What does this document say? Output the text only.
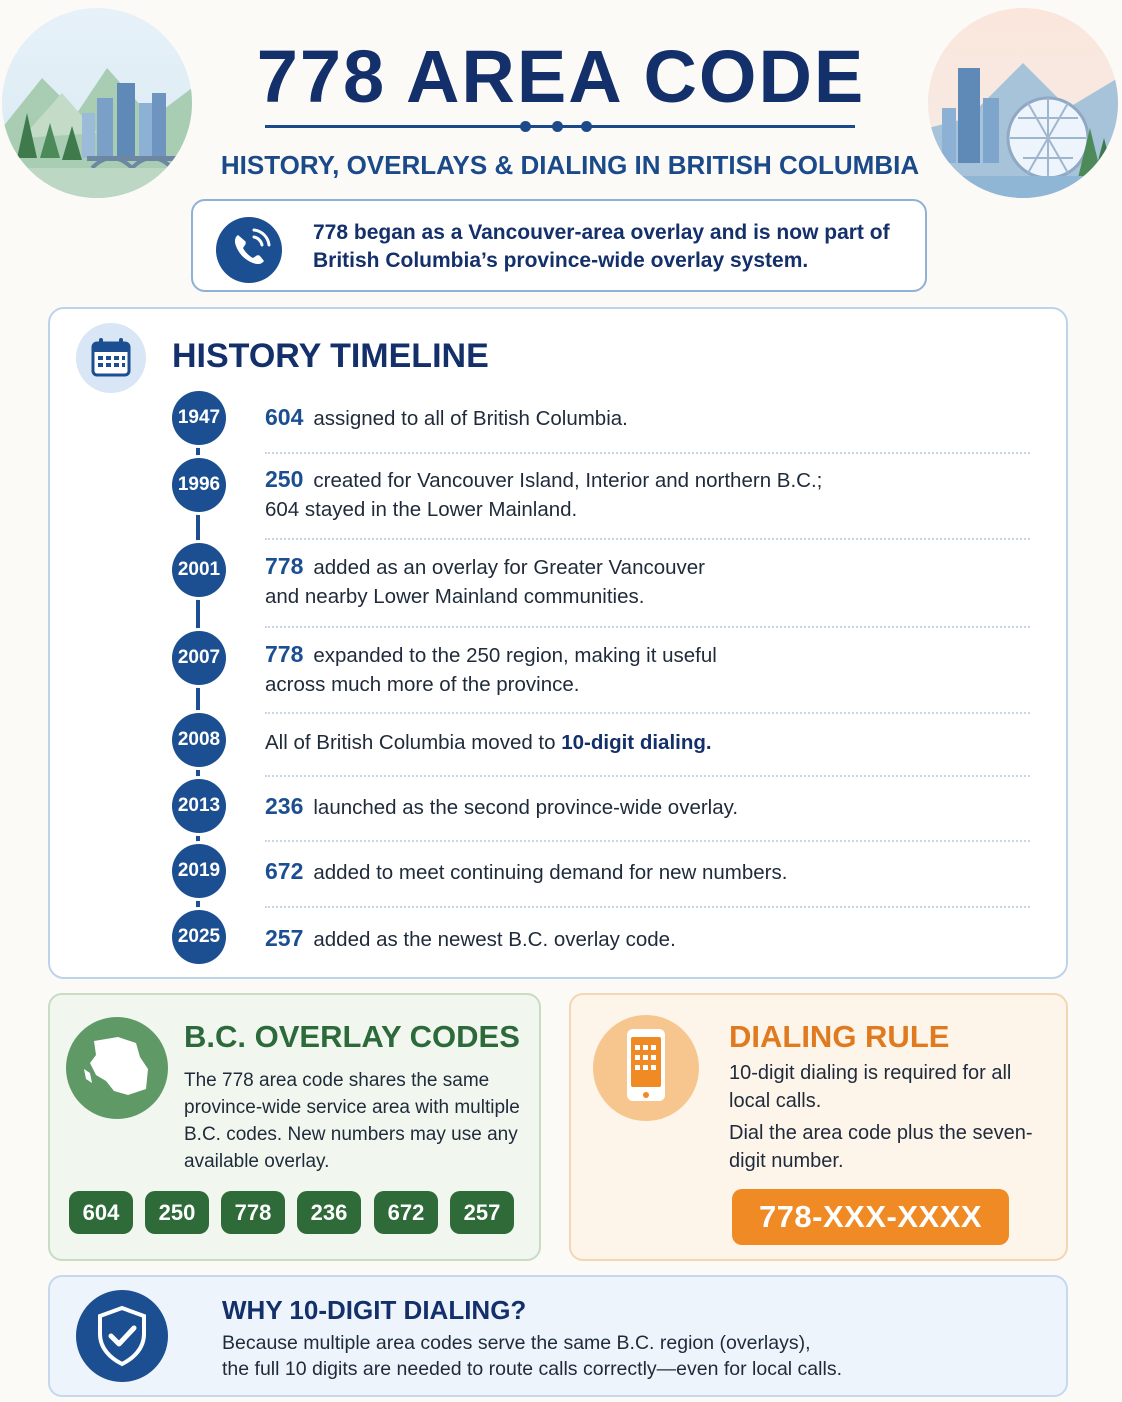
778 AREA CODE
HISTORY, OVERLAYS & DIALING IN BRITISH COLUMBIA
778 began as a Vancouver-area overlay and is now part of
British Columbia’s province-wide overlay system.
HISTORY TIMELINE
1947 604 assigned to all of British Columbia.
1996 250 created for Vancouver Island, Interior and northern B.C.;
604 stayed in the Lower Mainland.
2001 778 added as an overlay for Greater Vancouver
and nearby Lower Mainland communities.
2007 778 expanded to the 250 region, making it useful
across much more of the province.
2008 All of British Columbia moved to 10-digit dialing.
2013 236 launched as the second province-wide overlay.
2019 672 added to meet continuing demand for new numbers.
2025 257 added as the newest B.C. overlay code.
B.C. OVERLAY CODES

The 778 area code shares the same province-wide service area with multiple B.C. codes. New numbers may use any available overlay.

604	250	778	236	672	257
DIALING RULE

10-digit dialing is required for all local calls.

Dial the area code plus the seven-digit number.

778-XXX-XXXX
WHY 10-DIGIT DIALING?
Because multiple area codes serve the same B.C. region (overlays),
the full 10 digits are needed to route calls correctly—even for local calls.
